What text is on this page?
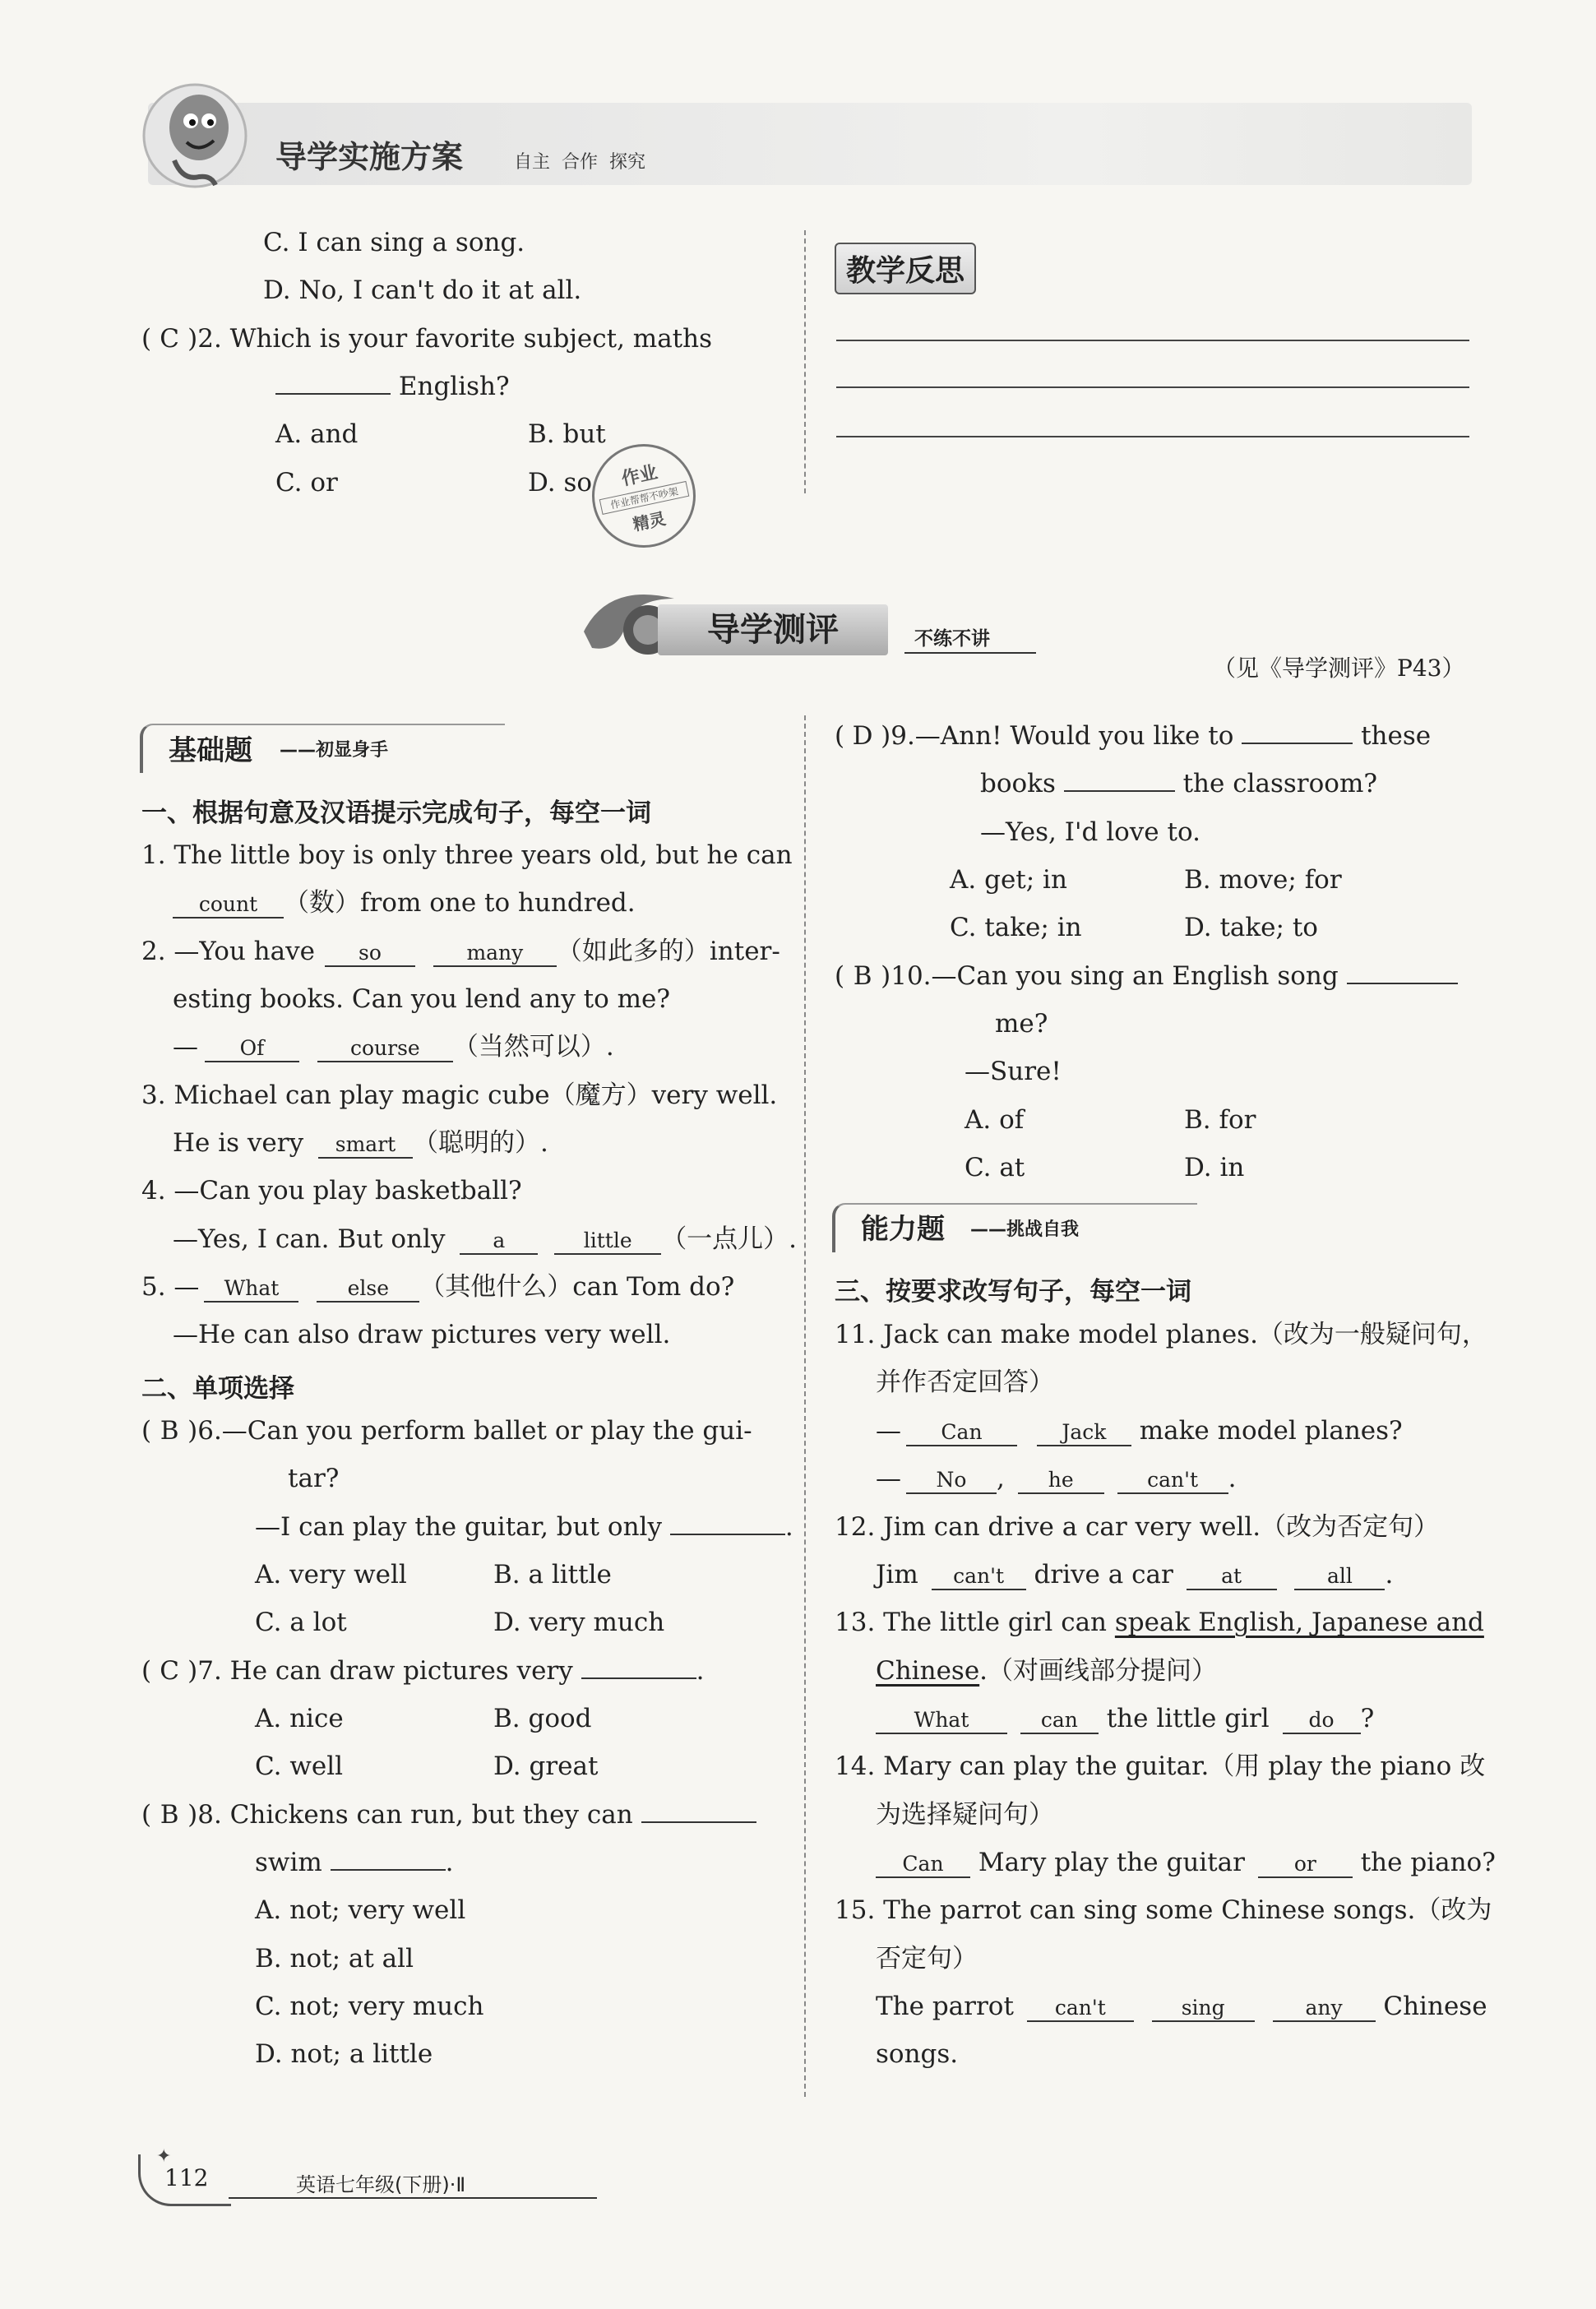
导学实施方案	自主  合作  探究
C. I can sing a song.
D. No, I can't do it at all.
( C )2. Which is your favorite subject, maths
English?
A. and	B. but
C. or	D. so
教学反思
作业
作业帮帮不吵架
精灵
导学测评	不练不讲
（见《导学测评》P43）
基础题 ——初显身手
一、根据句意及汉语提示完成句子，每空一词
1. The little boy is only three years old, but he can
count （数）from one to hundred.
2. —You have so	many （如此多的）inter-
esting books. Can you lend any to me?
— Of	course （当然可以）.
3. Michael can play magic cube（魔方）very well.
He is very smart （聪明的）.
4. —Can you play basketball?
—Yes, I can. But only a	little （一点儿）.
5. — What	else （其他什么）can Tom do?
—He can also draw pictures very well.
二、单项选择
( B )6.—Can you perform ballet or play the gui-
tar?
—I can play the guitar, but only	.
A. very well	B. a little
C. a lot	D. very much
( C )7. He can draw pictures very	.
A. nice	B. good
C. well	D. great
( B )8. Chickens can run, but they can
swim	.
A. not; very well
B. not; at all
C. not; very much
D. not; a little
( D )9.—Ann! Would you like to	these
books	the classroom?
—Yes, I'd love to.
A. get; in	B. move; for
C. take; in	D. take; to
( B )10.—Can you sing an English song
me?
—Sure!
A. of	B. for
C. at	D. in
能力题 ——挑战自我
三、按要求改写句子，每空一词
11. Jack can make model planes.（改为一般疑问句，
并作否定回答）
— Can	Jack make model planes?
— No , he	can't .
12. Jim can drive a car very well.（改为否定句）
Jim can't drive a car at	all .
13. The little girl can speak English, Japanese and
Chinese.（对画线部分提问）
What	can the little girl do ?
14. Mary can play the guitar.（用 play the piano 改
为选择疑问句）
Can Mary play the guitar or the piano?
15. The parrot can sing some Chinese songs.（改为
否定句）
The parrot can't	sing	any Chinese
songs.
✦
112	英语七年级(下册)·Ⅱ
